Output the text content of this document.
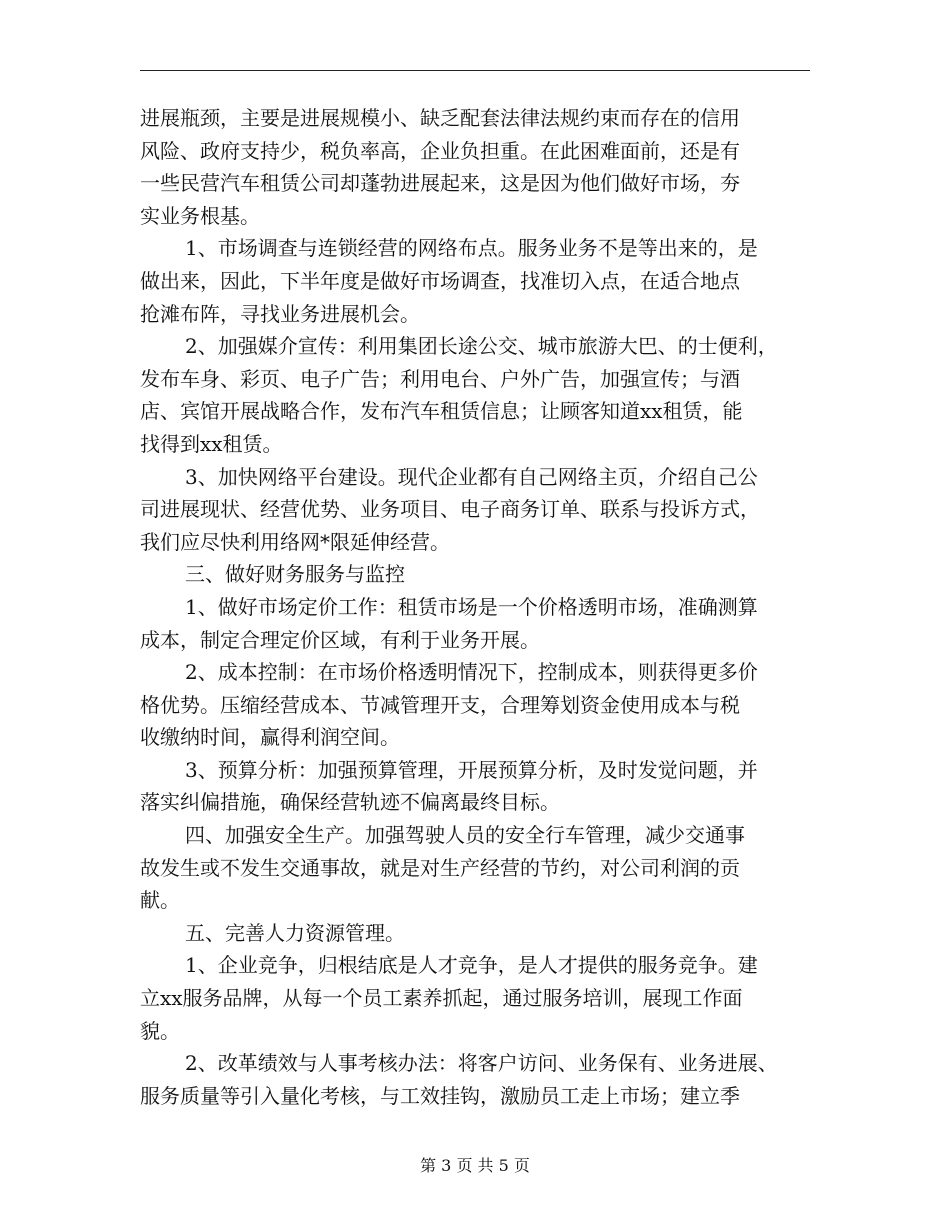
进展瓶颈，主要是进展规模小、缺乏配套法律法规约束而存在的信用
风险、政府支持少，税负率高，企业负担重。在此困难面前，还是有
一些民营汽车租赁公司却蓬勃进展起来，这是因为他们做好市场，夯
实业务根基。
1、市场调查与连锁经营的网络布点。服务业务不是等出来的，是
做出来，因此，下半年度是做好市场调查，找准切入点，在适合地点
抢滩布阵，寻找业务进展机会。
2、加强媒介宣传：利用集团长途公交、城市旅游大巴、的士便利，
发布车身、彩页、电子广告；利用电台、户外广告，加强宣传；与酒
店、宾馆开展战略合作，发布汽车租赁信息；让顾客知道xx租赁，能
找得到xx租赁。
3、加快网络平台建设。现代企业都有自己网络主页，介绍自己公
司进展现状、经营优势、业务项目、电子商务订单、联系与投诉方式，
我们应尽快利用络网*限延伸经营。
三、做好财务服务与监控
1、做好市场定价工作：租赁市场是一个价格透明市场，准确测算
成本，制定合理定价区域，有利于业务开展。
2、成本控制：在市场价格透明情况下，控制成本，则获得更多价
格优势。压缩经营成本、节减管理开支，合理筹划资金使用成本与税
收缴纳时间，赢得利润空间。
3、预算分析：加强预算管理，开展预算分析，及时发觉问题，并
落实纠偏措施，确保经营轨迹不偏离最终目标。
四、加强安全生产。加强驾驶人员的安全行车管理，减少交通事
故发生或不发生交通事故，就是对生产经营的节约，对公司利润的贡
献。
五、完善人力资源管理。
1、企业竞争，归根结底是人才竞争，是人才提供的服务竞争。建
立xx服务品牌，从每一个员工素养抓起，通过服务培训，展现工作面
貌。
2、改革绩效与人事考核办法：将客户访问、业务保有、业务进展、
服务质量等引入量化考核，与工效挂钩，激励员工走上市场；建立季
第 3 页 共 5 页
